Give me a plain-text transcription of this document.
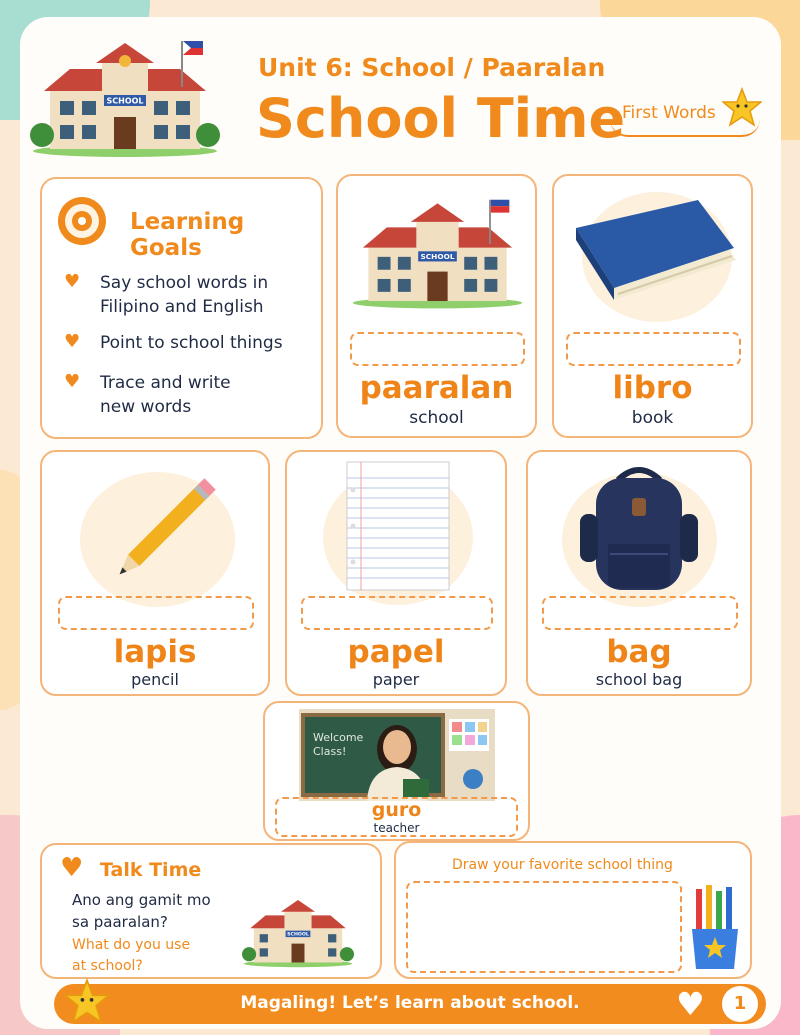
SCHOOL
Unit 6: School / Paaralan
School Time
First Words
Learning Goals
♥ Say school words in
Filipino and English
♥ Point to school things
♥ Trace and write
new words
SCHOOL
paaralan
school
libro
book
lapis
pencil
papel
paper
bag
school bag
Welcome Class!
guro
teacher
♥ Talk Time
Ano ang gamit mo
sa paaralan?
What do you use
at school?
SCHOOL
Draw your favorite school thing
Magaling! Let’s learn about school.	♥	1
